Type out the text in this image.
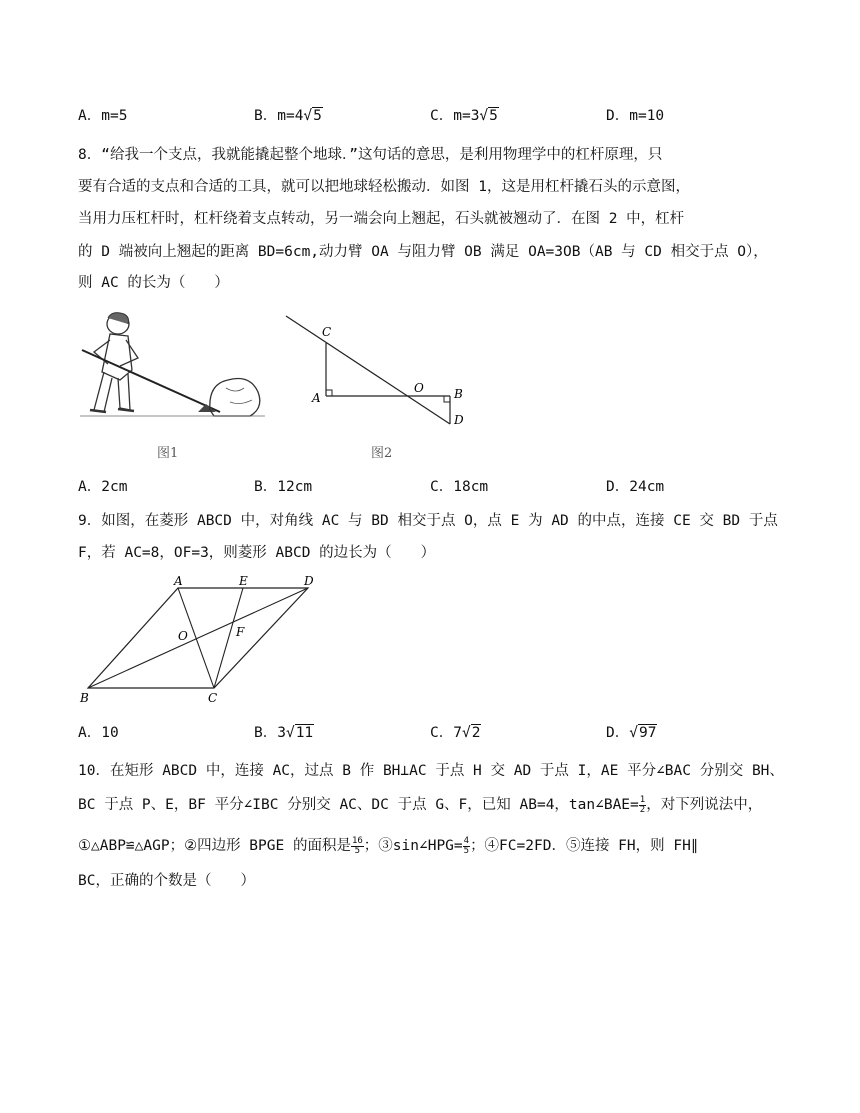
A．m=5	B．m=4√5	C．m=3√5	D．m=10
8．“给我一个支点，我就能撬起整个地球．”这句话的意思，是利用物理学中的杠杆原理，只
要有合适的支点和合适的工具，就可以把地球轻松搬动．如图 1，这是用杠杆撬石头的示意图，
当用力压杠杆时，杠杆绕着支点转动，另一端会向上翘起，石头就被翘动了．在图 2 中，杠杆
的 D 端被向上翘起的距离 BD=6cm,动力臂 OA 与阻力臂 OB 满足 OA=3OB（AB 与 CD 相交于点 O），
则 AC 的长为（　　）
图1
C
A
O	B
D
图2
A．2cm	B．12cm	C．18cm	D．24cm
9．如图，在菱形 ABCD 中，对角线 AC 与 BD 相交于点 O，点 E 为 AD 的中点，连接 CE 交 BD 于点
F，若 AC=8，OF=3，则菱形 ABCD 的边长为（　　）
A	E	D
O	F
B	C
A．10	B．3√11	C．7√2	D．√97
10．在矩形 ABCD 中，连接 AC，过点 B 作 BH⊥AC 于点 H 交 AD 于点 I，AE 平分∠BAC 分别交 BH、
BC 于点 P、E，BF 平分∠IBC 分别交 AC、DC 于点 G、F，已知 AB=4，tan∠BAE= $\frac{1}{2}$ ，对下列说法中，
①△ABP≌△AGP；②四边形 BPGE 的面积是 $\frac{16}{5}$ ；③sin∠HPG= $\frac{4}{5}$ ；④FC=2FD．⑤连接 FH，则 FH∥
BC，正确的个数是（　　）
